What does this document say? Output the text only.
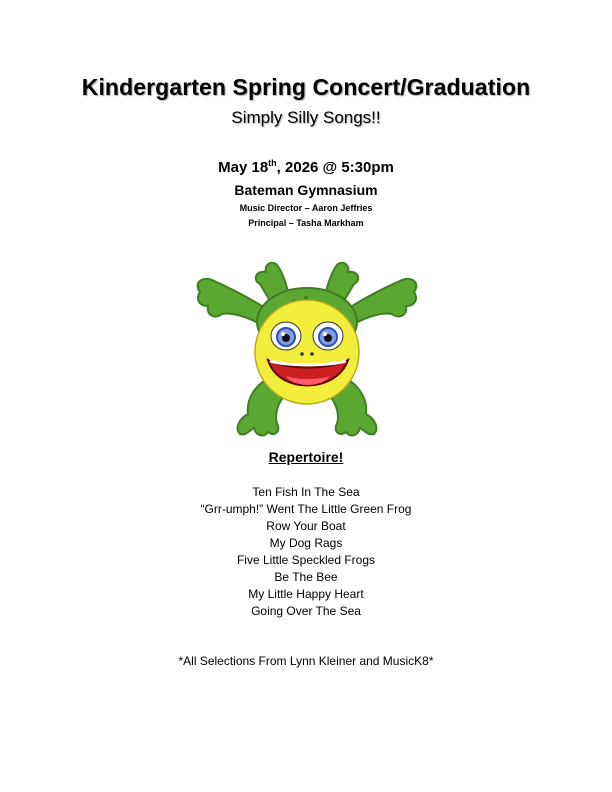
Kindergarten Spring Concert/Graduation
Simply Silly Songs!!
May 18th, 2026 @ 5:30pm
Bateman Gymnasium
Music Director – Aaron Jeffries
Principal – Tasha Markham
Repertoire!
Ten Fish In The Sea
“Grr-umph!” Went The Little Green Frog
Row Your Boat
My Dog Rags
Five Little Speckled Frogs
Be The Bee
My Little Happy Heart
Going Over The Sea
*All Selections From Lynn Kleiner and MusicK8*
